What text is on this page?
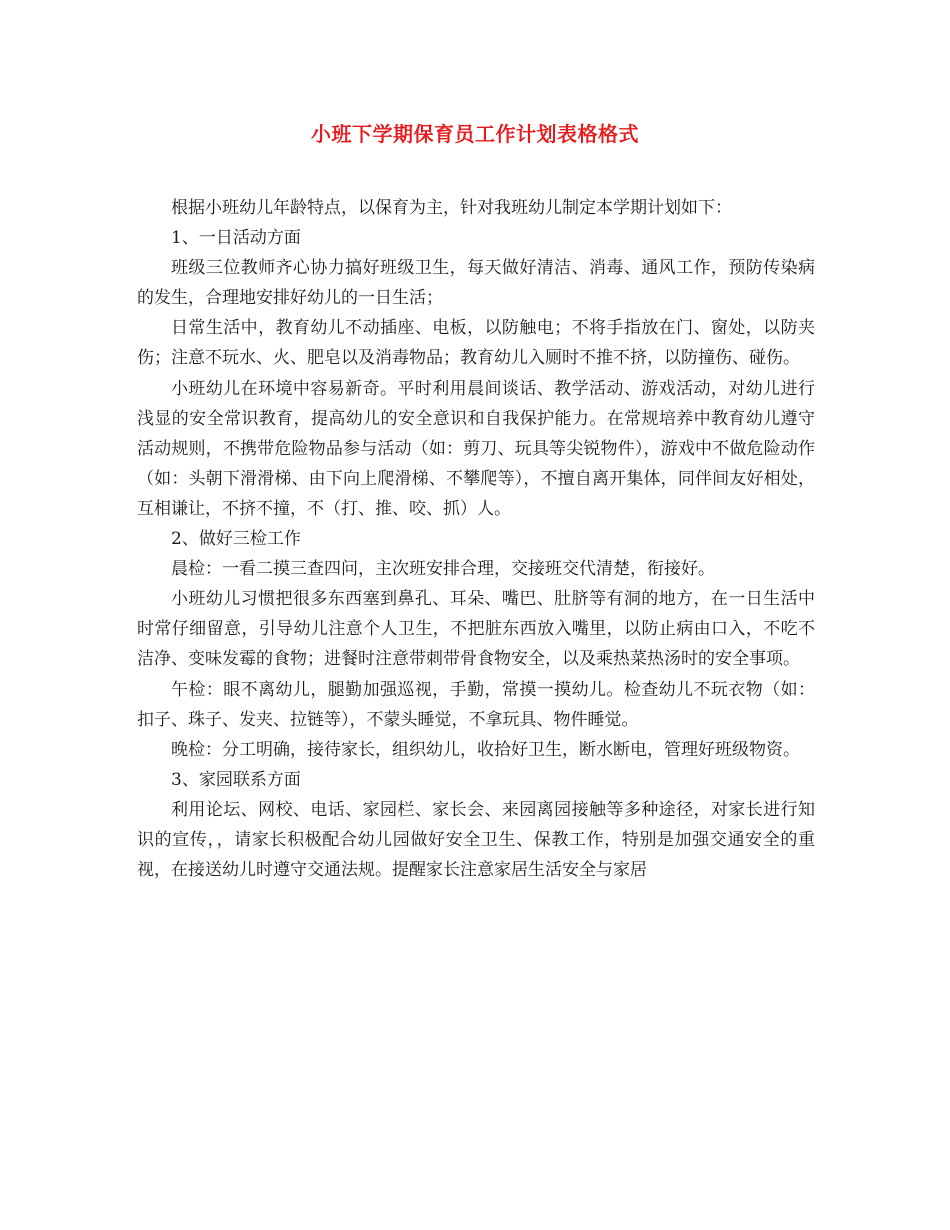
小班下学期保育员工作计划表格格式

根据小班幼儿年龄特点，以保育为主，针对我班幼儿制定本学期计划如下：

1、一日活动方面

班级三位教师齐心协力搞好班级卫生，每天做好清洁、消毒、通风工作，预防传染病的发生，合理地安排好幼儿的一日生活；

日常生活中，教育幼儿不动插座、电板，以防触电；不将手指放在门、窗处，以防夹伤；注意不玩水、火、肥皂以及消毒物品；教育幼儿入厕时不推不挤，以防撞伤、碰伤。

小班幼儿在环境中容易新奇。平时利用晨间谈话、教学活动、游戏活动，对幼儿进行浅显的安全常识教育，提高幼儿的安全意识和自我保护能力。在常规培养中教育幼儿遵守活动规则，不携带危险物品参与活动（如：剪刀、玩具等尖锐物件），游戏中不做危险动作（如：头朝下滑滑梯、由下向上爬滑梯、不攀爬等），不擅自离开集体，同伴间友好相处，互相谦让，不挤不撞，不（打、推、咬、抓）人。

2、做好三检工作

晨检：一看二摸三查四问，主次班安排合理，交接班交代清楚，衔接好。

小班幼儿习惯把很多东西塞到鼻孔、耳朵、嘴巴、肚脐等有洞的地方，在一日生活中时常仔细留意，引导幼儿注意个人卫生，不把脏东西放入嘴里，以防止病由口入，不吃不洁净、变味发霉的食物；进餐时注意带刺带骨食物安全，以及乘热菜热汤时的安全事项。

午检：眼不离幼儿，腿勤加强巡视，手勤，常摸一摸幼儿。检查幼儿不玩衣物（如：扣子、珠子、发夹、拉链等），不蒙头睡觉，不拿玩具、物件睡觉。

晚检：分工明确，接待家长，组织幼儿，收拾好卫生，断水断电，管理好班级物资。

3、家园联系方面

利用论坛、网校、电话、家园栏、家长会、来园离园接触等多种途径，对家长进行知识的宣传，，请家长积极配合幼儿园做好安全卫生、保教工作，特别是加强交通安全的重视，在接送幼儿时遵守交通法规。提醒家长注意家居生活安全与家居
